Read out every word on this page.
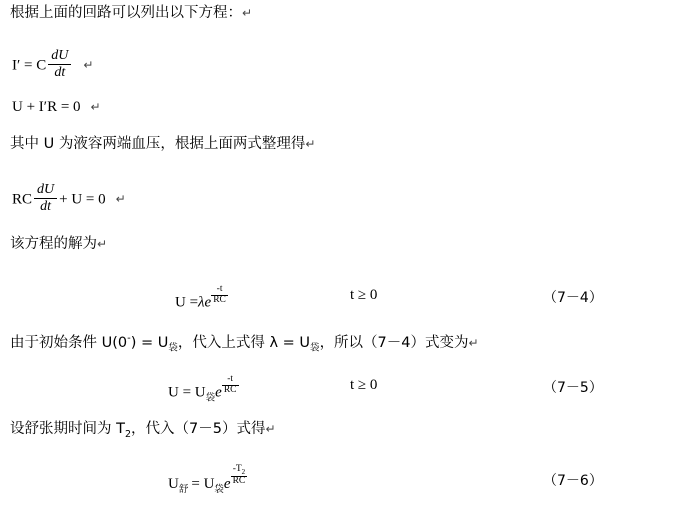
根据上面的回路可以列出以下方程：↵
I′ = C $\frac{dU}{dt}$ ↵
U + I′R = 0 ↵
其中 U 为液容两端血压，根据上面两式整理得↵
RC $\frac{dU}{dt} + U = 0$ ↵
该方程的解为↵
$U =\lambda e \frac{-t}{RC}$	t ≥ 0	（7－4）
由于初始条件 $U(0^-) = U_袋$，代入上式得 $\lambda = U_袋$，所以（7－4）式变为↵
$U = U_袋e \frac{-t}{RC}$	t ≥ 0	（7－5）
设舒张期时间为 $T_2$，代入（7－5）式得↵
$U_舒 = U_袋e \frac{-T_2}{RC}$	（7－6）
